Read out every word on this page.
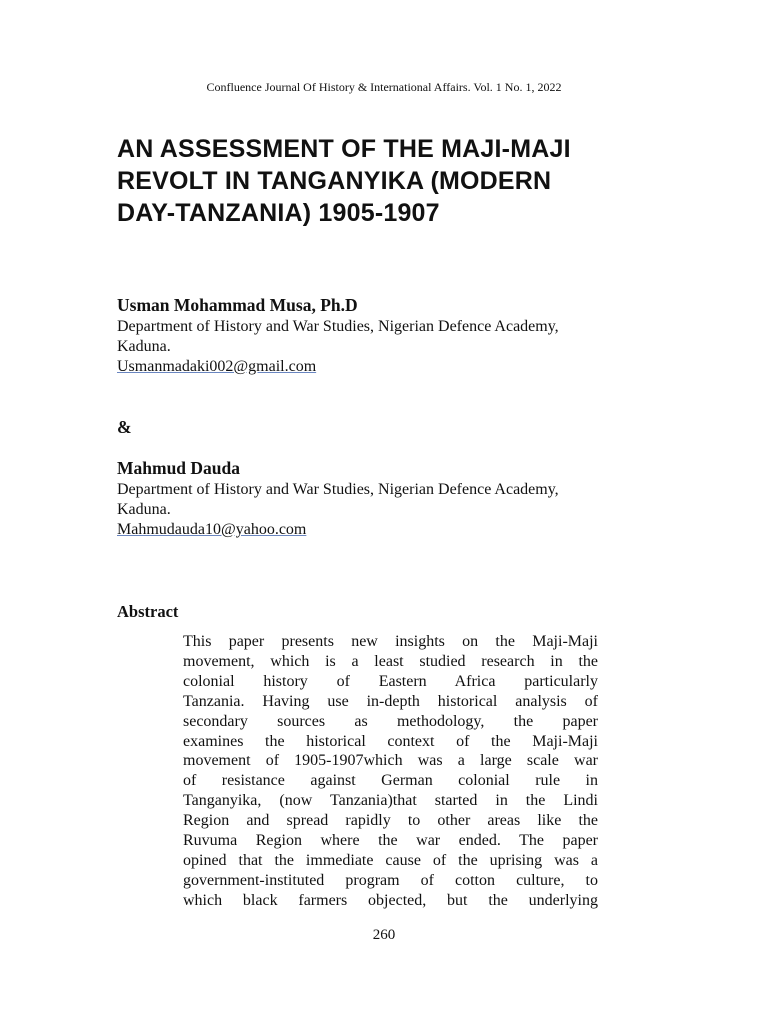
Confluence Journal Of History & International Affairs. Vol. 1 No. 1, 2022
AN ASSESSMENT OF THE MAJI-MAJI
REVOLT IN TANGANYIKA (MODERN
DAY-TANZANIA) 1905-1907
Usman Mohammad Musa, Ph.D
Department of History and War Studies, Nigerian Defence Academy,
Kaduna.
Usmanmadaki002@gmail.com
&
Mahmud Dauda
Department of History and War Studies, Nigerian Defence Academy,
Kaduna.
Mahmudauda10@yahoo.com
Abstract
This paper presents new insights on the Maji-Maji
movement, which is a least studied research in the
colonial history of Eastern Africa particularly
Tanzania. Having use in-depth historical analysis of
secondary sources as methodology, the paper
examines the historical context of the Maji-Maji
movement of 1905-1907which was a large scale war
of resistance against German colonial rule in
Tanganyika, (now Tanzania)that started in the Lindi
Region and spread rapidly to other areas like the
Ruvuma Region where the war ended. The paper
opined that the immediate cause of the uprising was a
government-instituted program of cotton culture, to
which black farmers objected, but the underlying
260
